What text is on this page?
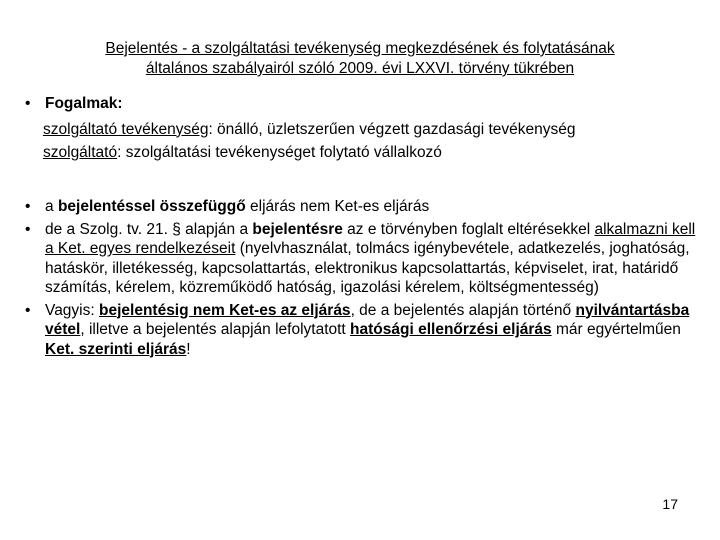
Bejelentés - a szolgáltatási tevékenység megkezdésének és folytatásának
általános szabályairól szóló 2009. évi LXXVI. törvény tükrében
• Fogalmak:
szolgáltató tevékenység: önálló, üzletszerűen végzett gazdasági tevékenység
szolgáltató: szolgáltatási tevékenységet folytató vállalkozó
• a bejelentéssel összefüggő eljárás nem Ket-es eljárás
• de a Szolg. tv. 21. § alapján a bejelentésre az e törvényben foglalt eltérésekkel alkalmazni kell a Ket. egyes rendelkezéseit (nyelvhasználat, tolmács igénybevétele, adatkezelés, joghatóság, hatáskör, illetékesség, kapcsolattartás, elektronikus kapcsolattartás, képviselet, irat, határidő számítás, kérelem, közreműködő hatóság, igazolási kérelem, költségmentesség)
• Vagyis: bejelentésig nem Ket-es az eljárás, de a bejelentés alapján történő nyilvántartásba vétel, illetve a bejelentés alapján lefolytatott hatósági ellenőrzési eljárás már egyértelműen Ket. szerinti eljárás!
17
